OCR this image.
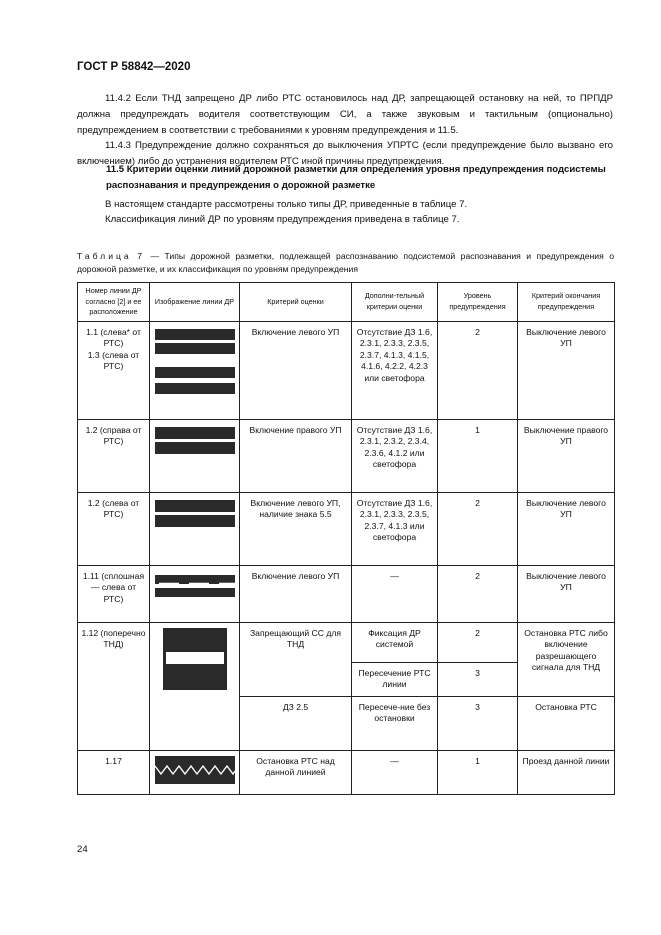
ГОСТ Р 58842—2020

11.4.2 Если ТНД запрещено ДР либо РТС остановилось над ДР, запрещающей остановку на ней, то ПРПДР должна предупреждать водителя соответствующим СИ, а также звуковым и тактильным (опционально) предупреждением в соответствии с требованиями к уровням предупреждения и 11.5.

11.4.3 Предупреждение должно сохраняться до выключения УПРТС (если предупреждение было вызвано его включением) либо до устранения водителем РТС иной причины предупреждения.

11.5 Критерии оценки линий дорожной разметки для определения уровня предупреждения подсистемы распознавания и предупреждения о дорожной разметке

В настоящем стандарте рассмотрены только типы ДР, приведенные в таблице 7.

Классификация линий ДР по уровням предупреждения приведена в таблице 7.

Таблица 7 — Типы дорожной разметки, подлежащей распознаванию подсистемой распознавания и предупреждения о дорожной разметке, и их классификация по уровням предупреждения

Номер линии ДР согласно [2] и ее расположение	Изображение линии ДР	Критерий оценки	Дополни-тельный критерии оценки	Уровень предупреждения	Критерий окончания предупреждения
1.1 (слева* от РТС)
1.3 (слева от РТС)		Включение левого УП	Отсутствие ДЗ 1.6, 2.3.1, 2.3.3, 2.3.5, 2.3.7, 4.1.3, 4.1.5, 4.1.6, 4.2.2, 4.2.3 или светофора	2	Выключение левого УП
1.2 (справа от РТС)		Включение правого УП	Отсутствие ДЗ 1.6, 2.3.1, 2.3.2, 2.3.4, 2.3.6, 4.1.2 или светофора	1	Выключение правого УП
1.2 (слева от РТС)		Включение левого УП, наличие знака 5.5	Отсутствие ДЗ 1.6, 2.3.1, 2.3.3, 2.3.5, 2.3.7, 4.1.3 или светофора	2	Выключение левого УП
1.11 (сплошная — слева от РТС)		Включение левого УП	—	2	Выключение левого УП
1.12 (поперечно ТНД)		Запрещающий СС для ТНД	Фиксация ДР системой	2	Остановка РТС либо включение разрешающего сигнала для ТНД
			Пересечение РТС линии	3	
		ДЗ 2.5	Пересече-ние без остановки	3	Остановка РТС
1.17		Остановка РТС над данной линией	—	1	Проезд данной линии
24
